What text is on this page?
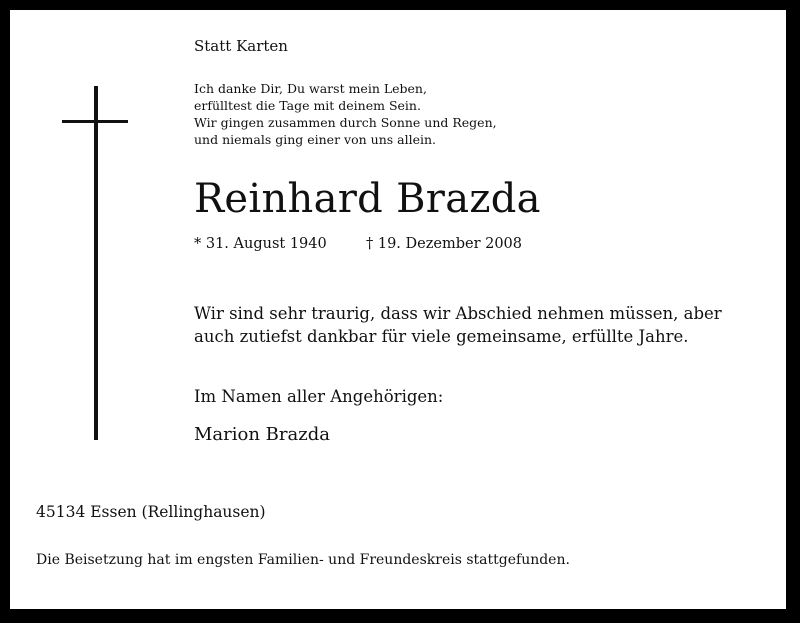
Statt Karten
Ich danke Dir, Du warst mein Leben,
erfülltest die Tage mit deinem Sein.
Wir gingen zusammen durch Sonne und Regen,
und niemals ging einer von uns allein.
Reinhard Brazda
* 31. August 1940	† 19. Dezember 2008
Wir sind sehr traurig, dass wir Abschied nehmen müssen, aber
auch zutiefst dankbar für viele gemeinsame, erfüllte Jahre.
Im Namen aller Angehörigen:
Marion Brazda
45134 Essen (Rellinghausen)
Die Beisetzung hat im engsten Familien- und Freundeskreis stattgefunden.
